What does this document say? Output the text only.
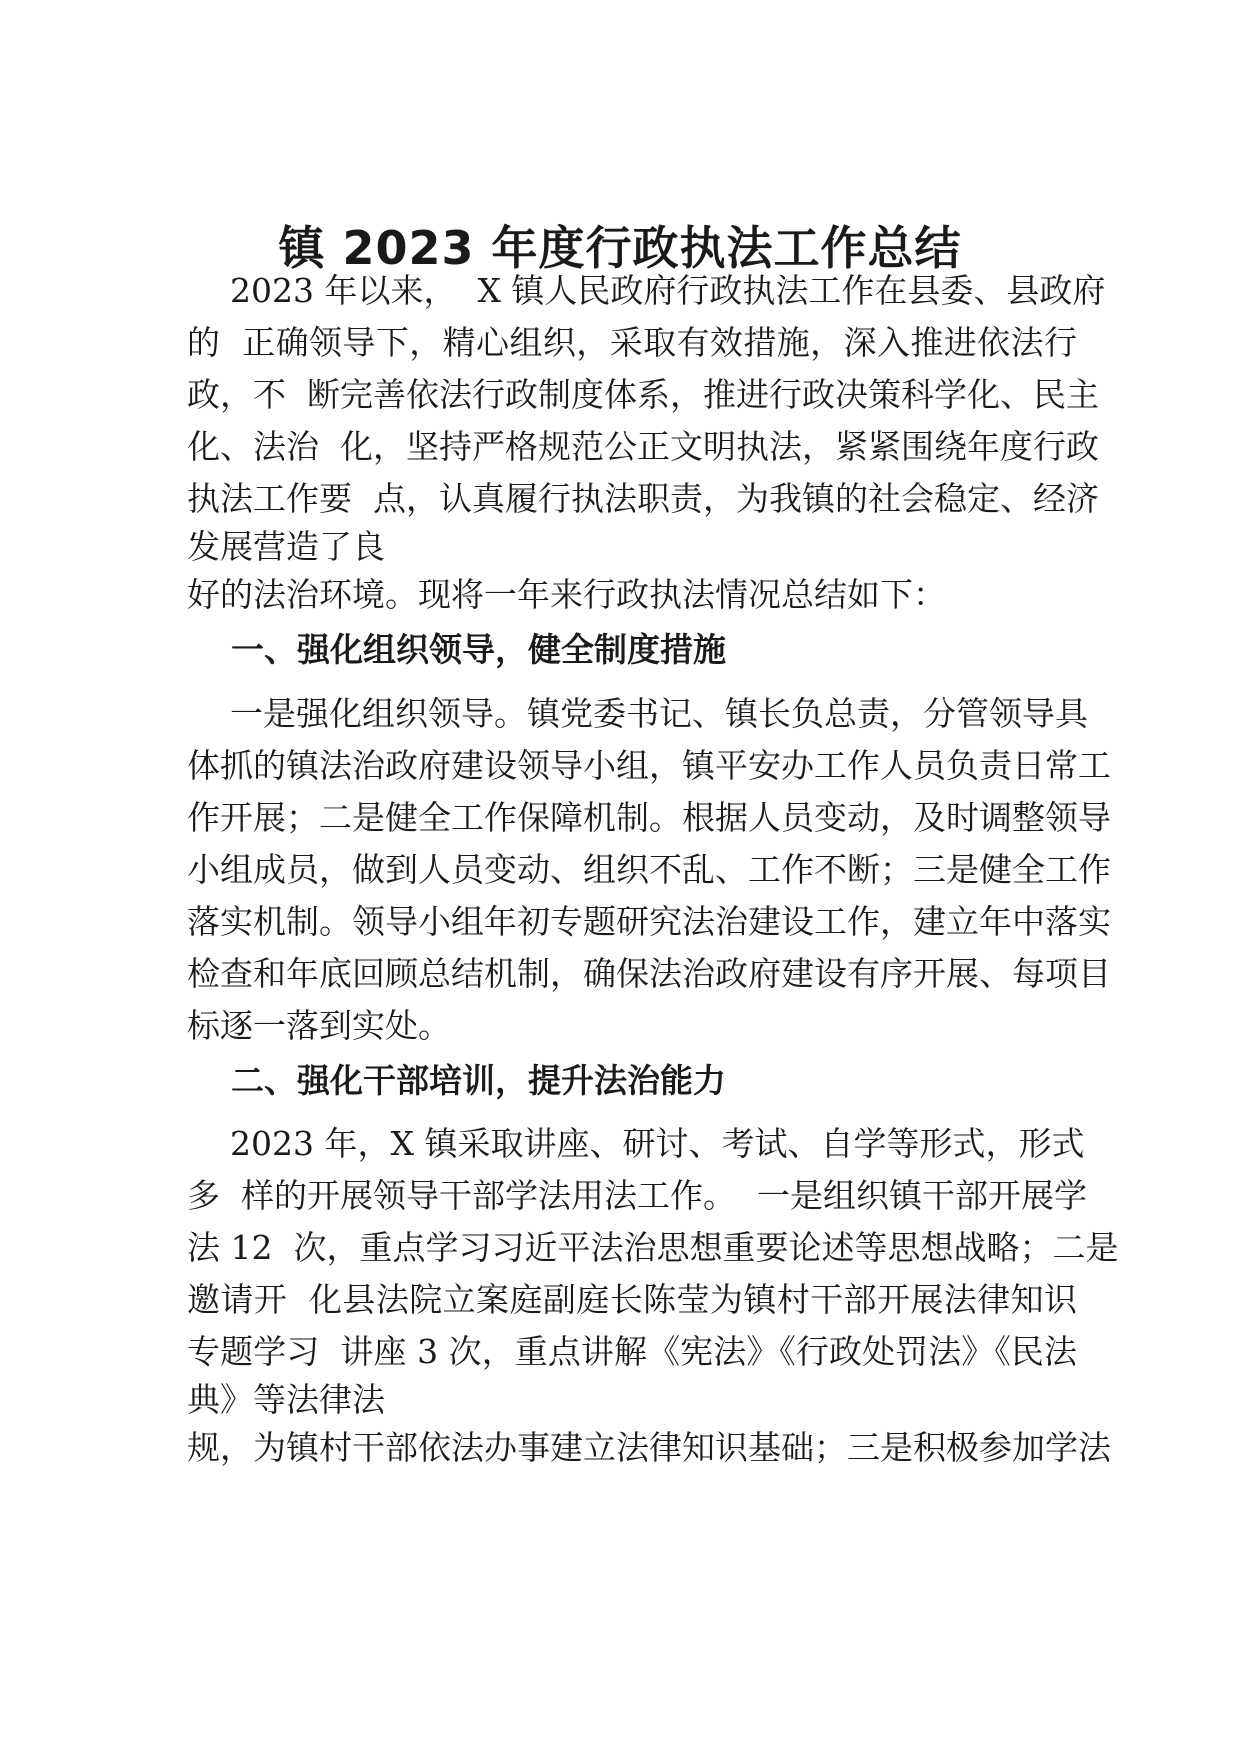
镇 2023 年度行政执法工作总结
2023 年以来，  X 镇人民政府行政执法工作在县委、县政府
的  正确领导下，精心组织，采取有效措施，深入推进依法行
政，不  断完善依法行政制度体系，推进行政决策科学化、民主
化、法治  化，坚持严格规范公正文明执法，紧紧围绕年度行政
执法工作要  点，认真履行执法职责，为我镇的社会稳定、经济
发展营造了良
好的法治环境。现将一年来行政执法情况总结如下：
一、强化组织领导，健全制度措施
一是强化组织领导。镇党委书记、镇长负总责，分管领导具
体抓的镇法治政府建设领导小组，镇平安办工作人员负责日常工
作开展；二是健全工作保障机制。根据人员变动，及时调整领导
小组成员，做到人员变动、组织不乱、工作不断；三是健全工作
落实机制。领导小组年初专题研究法治建设工作，建立年中落实
检查和年底回顾总结机制，确保法治政府建设有序开展、每项目
标逐一落到实处。
二、强化干部培训，提升法治能力
2023 年，X 镇采取讲座、研讨、考试、自学等形式，形式
多  样的开展领导干部学法用法工作。  一是组织镇干部开展学
法 12  次，重点学习习近平法治思想重要论述等思想战略；二是
邀请开  化县法院立案庭副庭长陈莹为镇村干部开展法律知识
专题学习  讲座 3 次，重点讲解《宪法》《行政处罚法》《民法
典》等法律法
规，为镇村干部依法办事建立法律知识基础；三是积极参加学法
